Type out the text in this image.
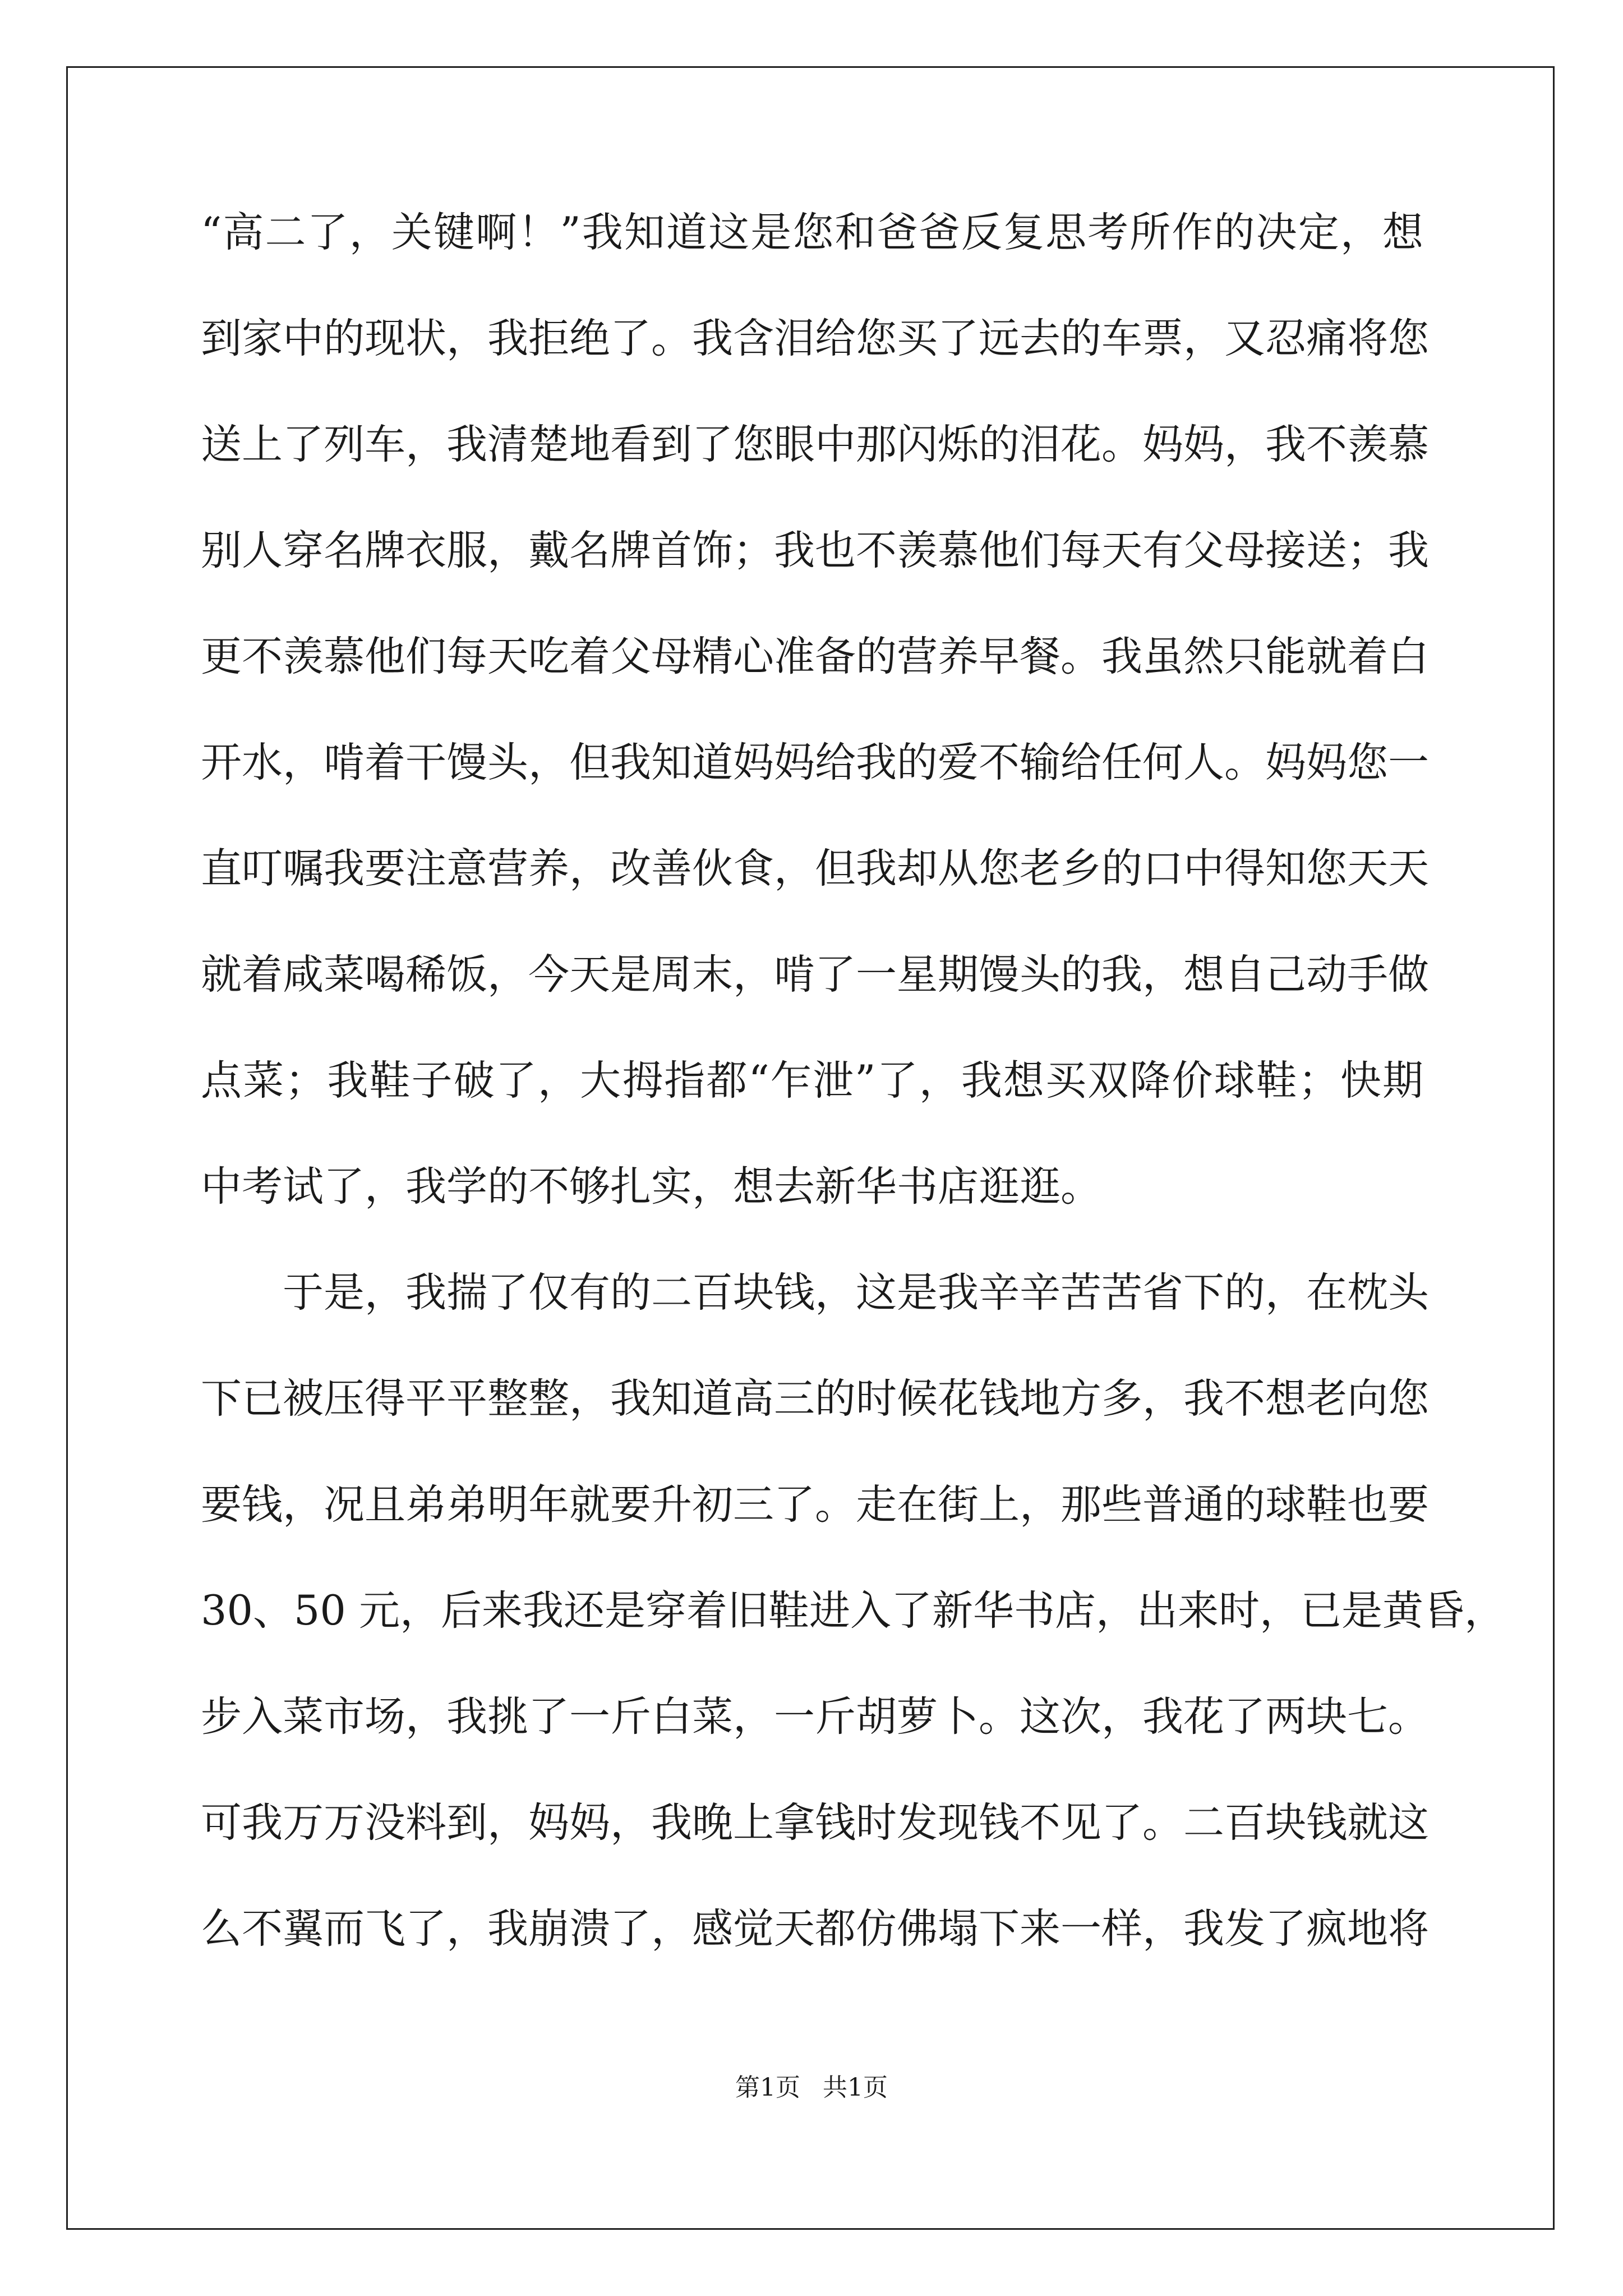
“高二了，关键啊！”我知道这是您和爸爸反复思考所作的决定，想
到家中的现状，我拒绝了。我含泪给您买了远去的车票，又忍痛将您
送上了列车，我清楚地看到了您眼中那闪烁的泪花。妈妈，我不羡慕
别人穿名牌衣服，戴名牌首饰；我也不羡慕他们每天有父母接送；我
更不羡慕他们每天吃着父母精心准备的营养早餐。我虽然只能就着白
开水，啃着干馒头，但我知道妈妈给我的爱不输给任何人。妈妈您一
直叮嘱我要注意营养，改善伙食，但我却从您老乡的口中得知您天天
就着咸菜喝稀饭，今天是周末，啃了一星期馒头的我，想自己动手做
点菜；我鞋子破了，大拇指都“乍泄”了，我想买双降价球鞋；快期
中考试了，我学的不够扎实，想去新华书店逛逛。
于是，我揣了仅有的二百块钱，这是我辛辛苦苦省下的，在枕头
下已被压得平平整整，我知道高三的时候花钱地方多，我不想老向您
要钱，况且弟弟明年就要升初三了。走在街上，那些普通的球鞋也要
30、50 元，后来我还是穿着旧鞋进入了新华书店，出来时，已是黄昏，
步入菜市场，我挑了一斤白菜，一斤胡萝卜。这次，我花了两块七。
可我万万没料到，妈妈，我晚上拿钱时发现钱不见了。二百块钱就这
么不翼而飞了，我崩溃了，感觉天都仿佛塌下来一样，我发了疯地将
第1页 共1页
